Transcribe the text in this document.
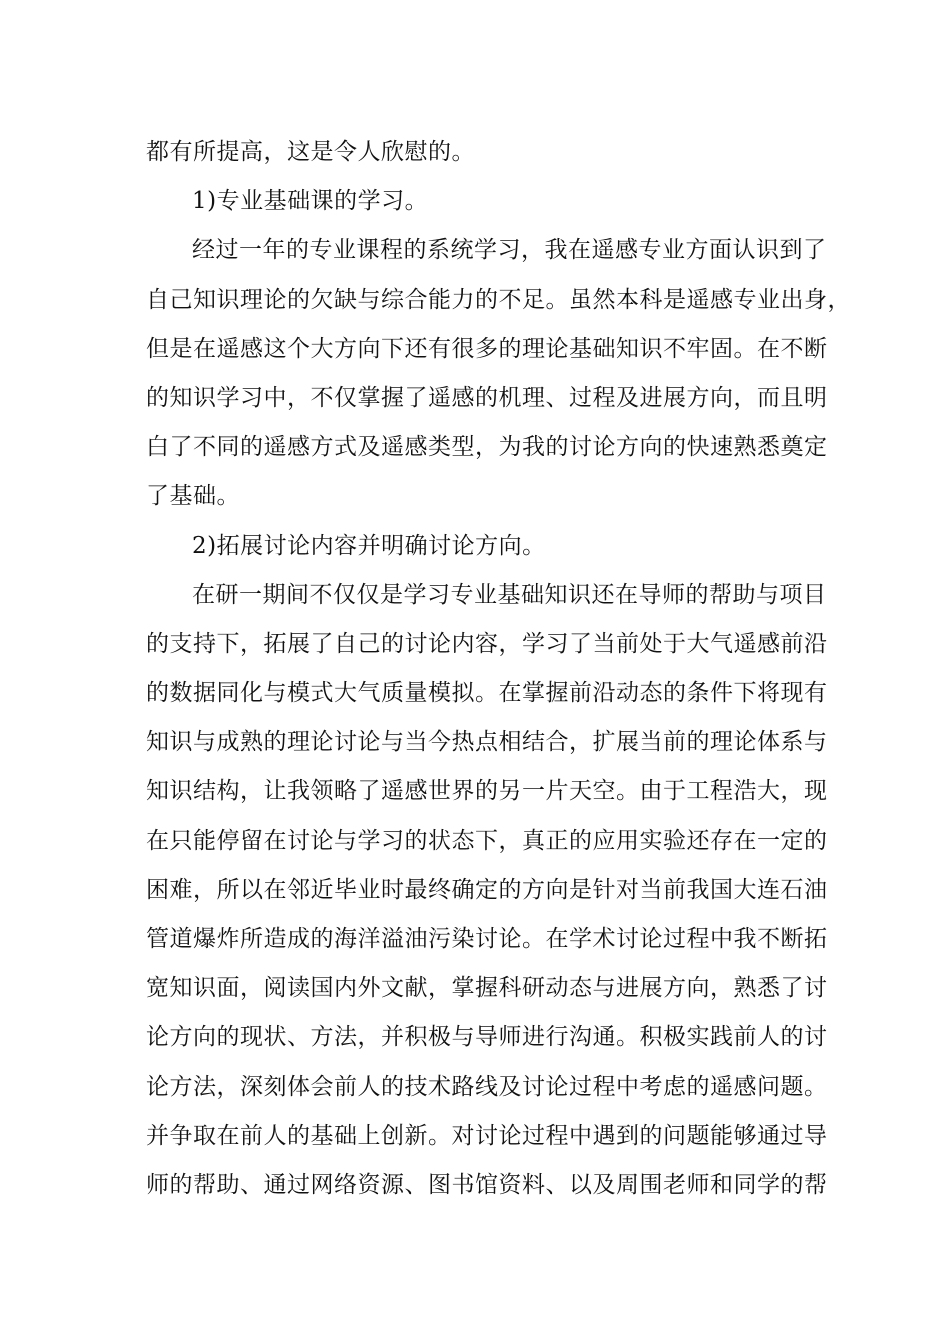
都有所提高，这是令人欣慰的。
1)专业基础课的学习。
经过一年的专业课程的系统学习，我在遥感专业方面认识到了
自己知识理论的欠缺与综合能力的不足。虽然本科是遥感专业出身，
但是在遥感这个大方向下还有很多的理论基础知识不牢固。在不断
的知识学习中，不仅掌握了遥感的机理、过程及进展方向，而且明
白了不同的遥感方式及遥感类型，为我的讨论方向的快速熟悉奠定
了基础。
2)拓展讨论内容并明确讨论方向。
在研一期间不仅仅是学习专业基础知识还在导师的帮助与项目
的支持下，拓展了自己的讨论内容，学习了当前处于大气遥感前沿
的数据同化与模式大气质量模拟。在掌握前沿动态的条件下将现有
知识与成熟的理论讨论与当今热点相结合，扩展当前的理论体系与
知识结构，让我领略了遥感世界的另一片天空。由于工程浩大，现
在只能停留在讨论与学习的状态下，真正的应用实验还存在一定的
困难，所以在邻近毕业时最终确定的方向是针对当前我国大连石油
管道爆炸所造成的海洋溢油污染讨论。在学术讨论过程中我不断拓
宽知识面，阅读国内外文献，掌握科研动态与进展方向，熟悉了讨
论方向的现状、方法，并积极与导师进行沟通。积极实践前人的讨
论方法，深刻体会前人的技术路线及讨论过程中考虑的遥感问题。
并争取在前人的基础上创新。对讨论过程中遇到的问题能够通过导
师的帮助、通过网络资源、图书馆资料、以及周围老师和同学的帮
